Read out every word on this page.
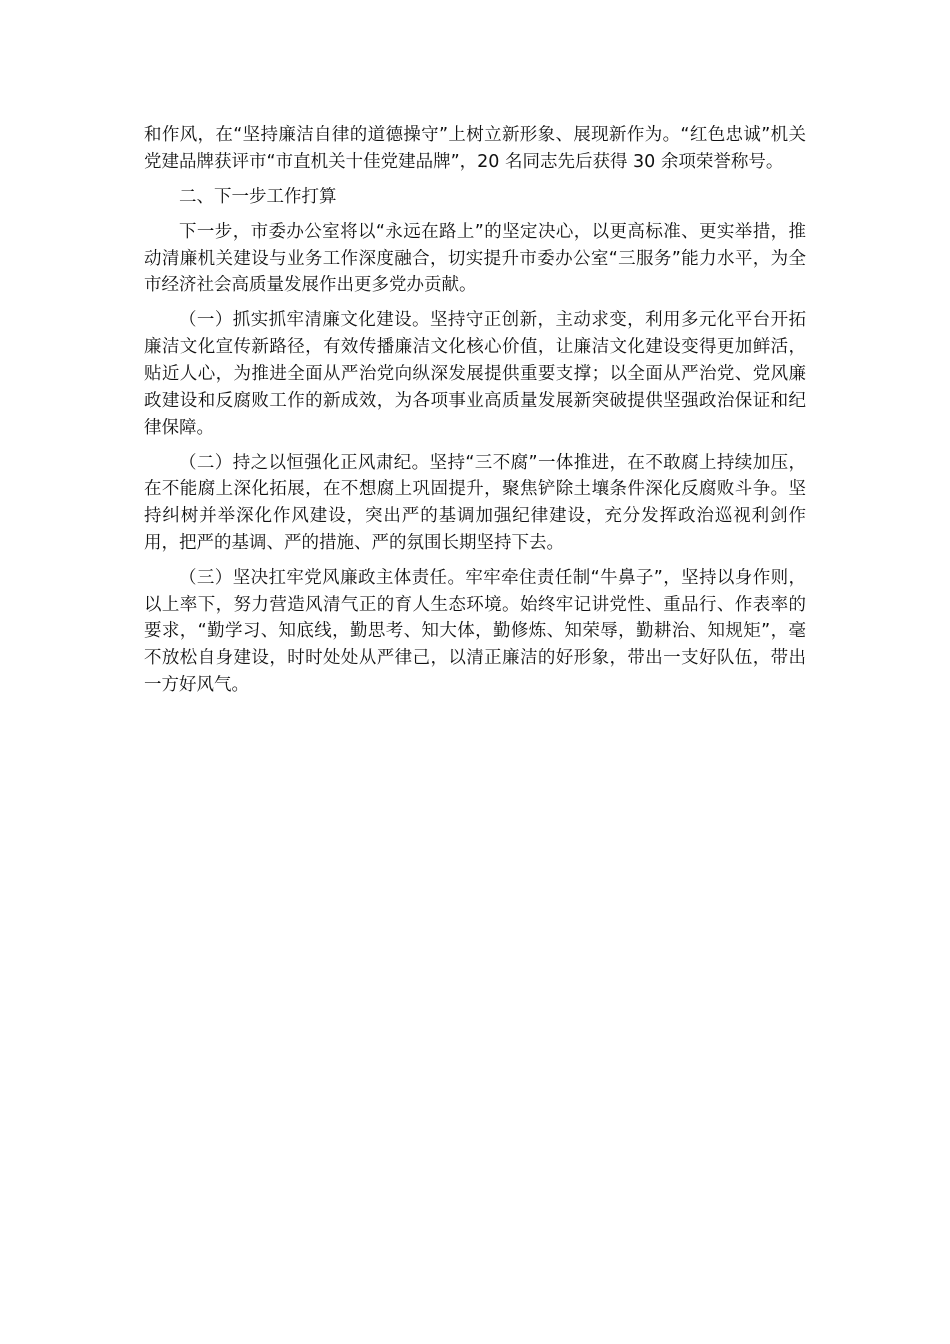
和作风，在“坚持廉洁自律的道德操守”上树立新形象、展现新作为。“红色忠诚”机关党建品牌获评市“市直机关十佳党建品牌”，20 名同志先后获得 30 余项荣誉称号。

二、下一步工作打算

下一步，市委办公室将以“永远在路上”的坚定决心，以更高标准、更实举措，推动清廉机关建设与业务工作深度融合，切实提升市委办公室“三服务”能力水平，为全市经济社会高质量发展作出更多党办贡献。

（一）抓实抓牢清廉文化建设。坚持守正创新，主动求变，利用多元化平台开拓廉洁文化宣传新路径，有效传播廉洁文化核心价值，让廉洁文化建设变得更加鲜活，贴近人心，为推进全面从严治党向纵深发展提供重要支撑；以全面从严治党、党风廉政建设和反腐败工作的新成效，为各项事业高质量发展新突破提供坚强政治保证和纪律保障。

（二）持之以恒强化正风肃纪。坚持“三不腐”一体推进，在不敢腐上持续加压，在不能腐上深化拓展，在不想腐上巩固提升，聚焦铲除土壤条件深化反腐败斗争。坚持纠树并举深化作风建设，突出严的基调加强纪律建设，充分发挥政治巡视利剑作用，把严的基调、严的措施、严的氛围长期坚持下去。

（三）坚决扛牢党风廉政主体责任。牢牢牵住责任制“牛鼻子”，坚持以身作则，以上率下，努力营造风清气正的育人生态环境。始终牢记讲党性、重品行、作表率的要求，“勤学习、知底线，勤思考、知大体，勤修炼、知荣辱，勤耕治、知规矩”，毫不放松自身建设，时时处处从严律己，以清正廉洁的好形象，带出一支好队伍，带出一方好风气。
